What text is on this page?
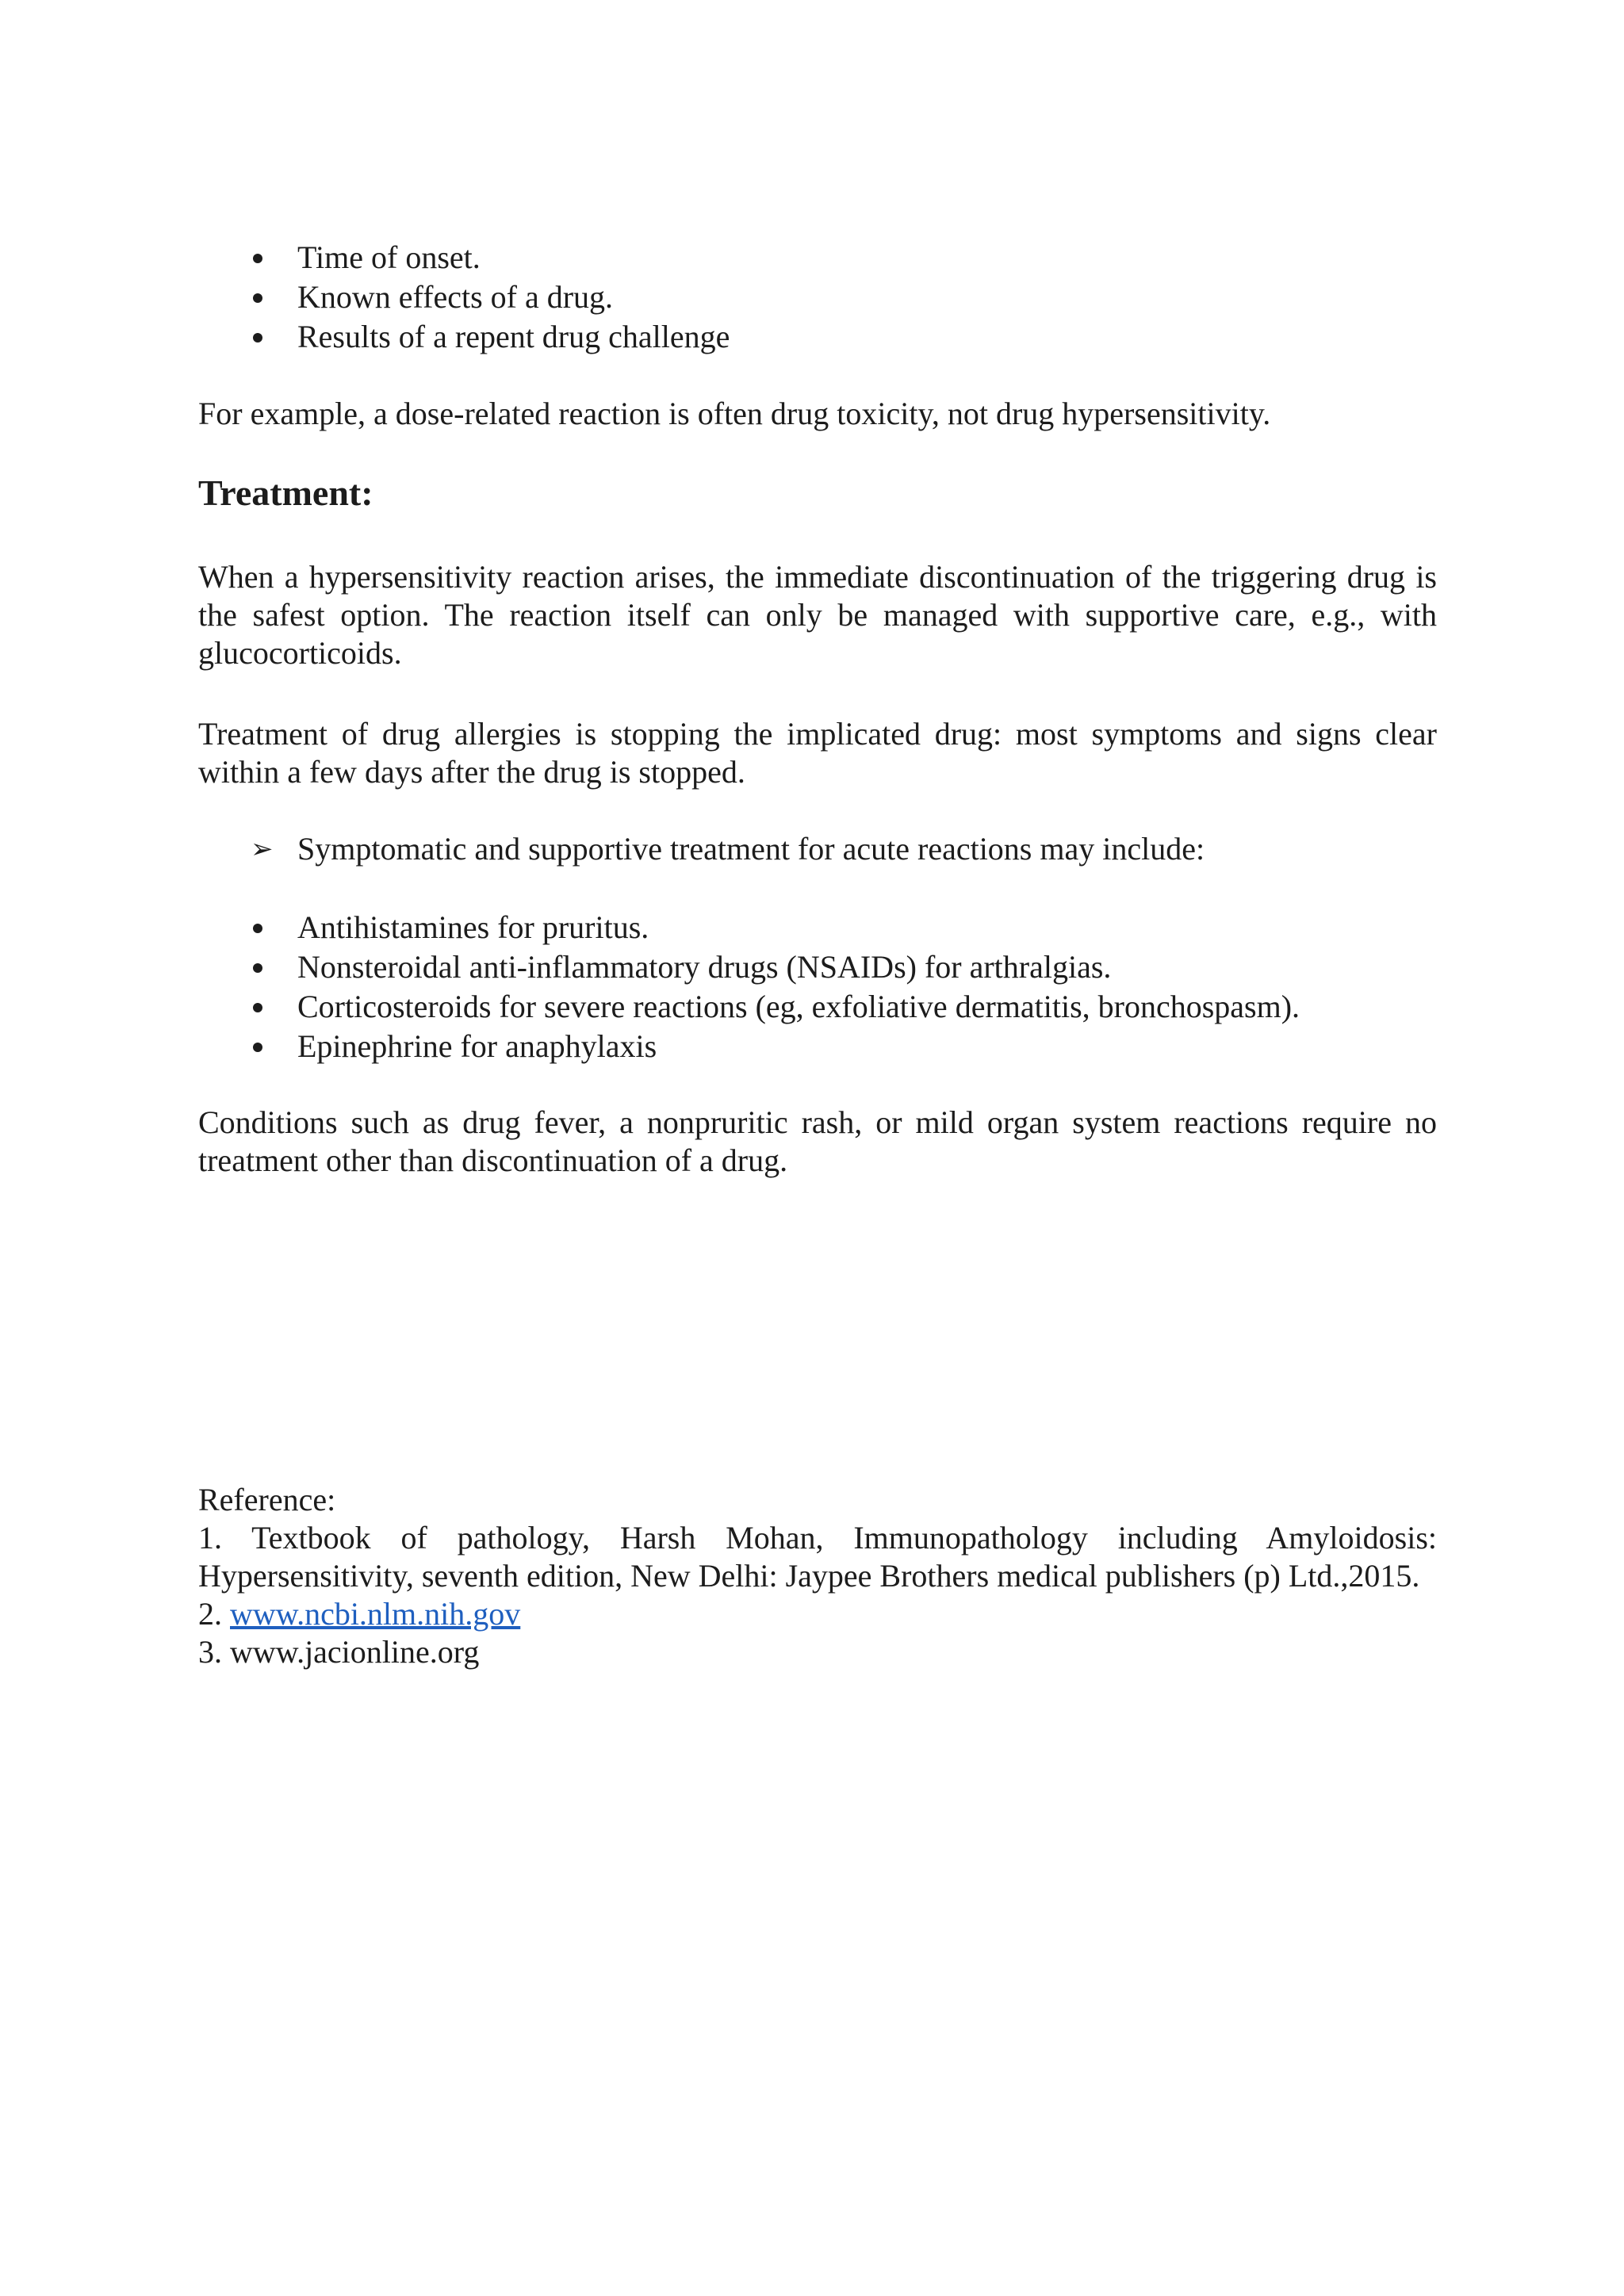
Time of onset.
Known effects of a drug.
Results of a repent drug challenge

For example, a dose-related reaction is often drug toxicity, not drug hypersensitivity.

Treatment:

When a hypersensitivity reaction arises, the immediate discontinuation of the triggering drug is the safest option. The reaction itself can only be managed with supportive care, e.g., with glucocorticoids.

Treatment of drug allergies is stopping the implicated drug: most symptoms and signs clear within a few days after the drug is stopped.

➢ Symptomatic and supportive treatment for acute reactions may include:
Antihistamines for pruritus.
Nonsteroidal anti-inflammatory drugs (NSAIDs) for arthralgias.
Corticosteroids for severe reactions (eg, exfoliative dermatitis, bronchospasm).
Epinephrine for anaphylaxis

Conditions such as drug fever, a nonpruritic rash, or mild organ system reactions require no treatment other than discontinuation of a drug.

Reference:

1. Textbook of pathology, Harsh Mohan, Immunopathology including Amyloidosis: Hypersensitivity, seventh edition, New Delhi: Jaypee Brothers medical publishers (p) Ltd.,2015.

2. www.ncbi.nlm.nih.gov

3. www.jacionline.org
